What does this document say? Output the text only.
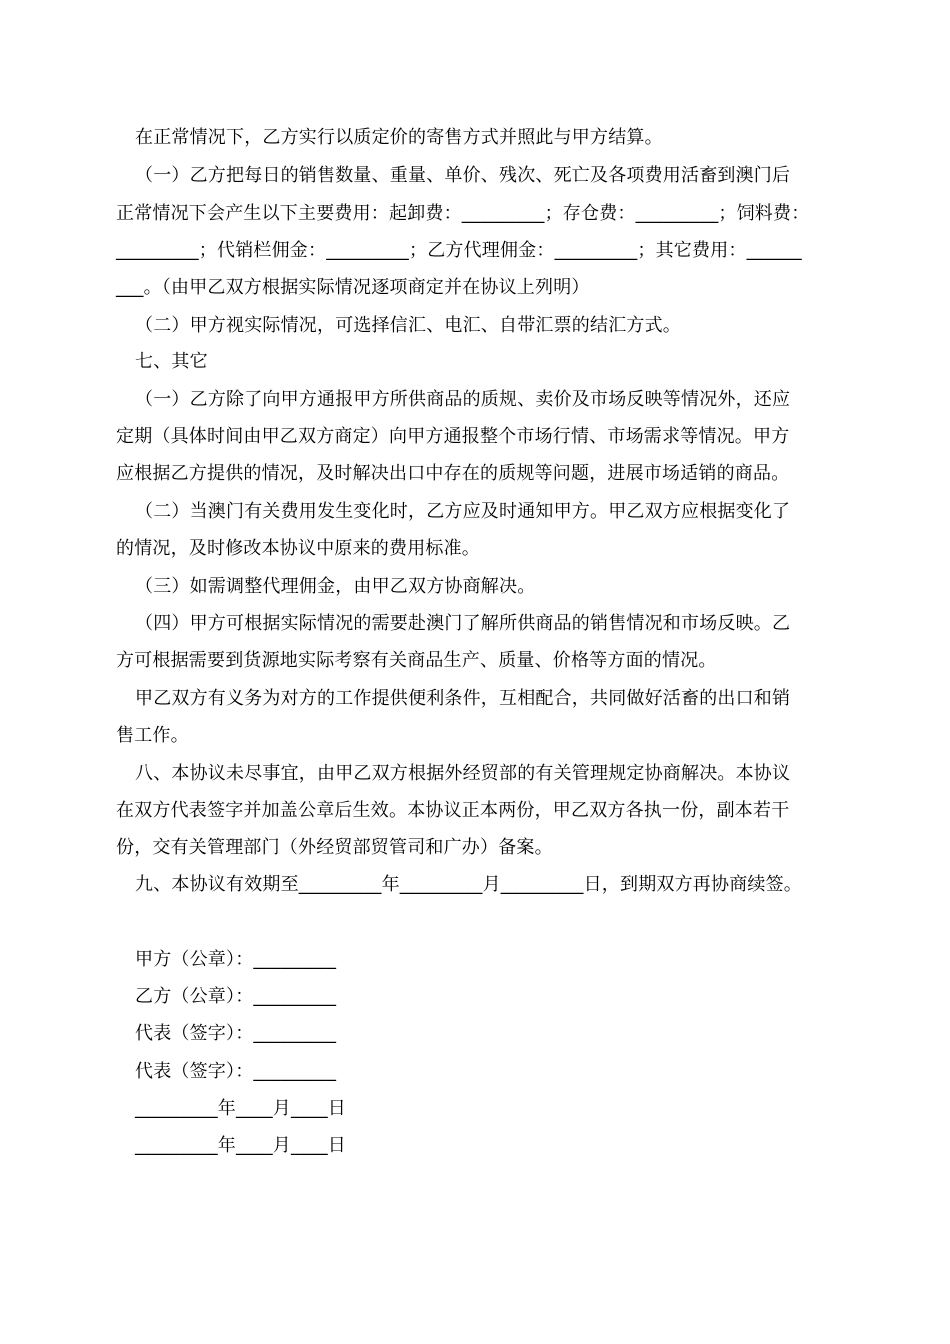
在正常情况下，乙方实行以质定价的寄售方式并照此与甲方结算。
（一）乙方把每日的销售数量、重量、单价、残次、死亡及各项费用活畜到澳门后
正常情况下会产生以下主要费用：起卸费：_________；存仓费：_________；饲料费：
_________；代销栏佣金：_________；乙方代理佣金：_________；其它费用：______
___。（由甲乙双方根据实际情况逐项商定并在协议上列明）
（二）甲方视实际情况，可选择信汇、电汇、自带汇票的结汇方式。
七、其它
（一）乙方除了向甲方通报甲方所供商品的质规、卖价及市场反映等情况外，还应
定期（具体时间由甲乙双方商定）向甲方通报整个市场行情、市场需求等情况。甲方
应根据乙方提供的情况，及时解决出口中存在的质规等问题，进展市场适销的商品。
（二）当澳门有关费用发生变化时，乙方应及时通知甲方。甲乙双方应根据变化了
的情况，及时修改本协议中原来的费用标准。
（三）如需调整代理佣金，由甲乙双方协商解决。
（四）甲方可根据实际情况的需要赴澳门了解所供商品的销售情况和市场反映。乙
方可根据需要到货源地实际考察有关商品生产、质量、价格等方面的情况。
甲乙双方有义务为对方的工作提供便利条件，互相配合，共同做好活畜的出口和销
售工作。
八、本协议未尽事宜，由甲乙双方根据外经贸部的有关管理规定协商解决。本协议
在双方代表签字并加盖公章后生效。本协议正本两份，甲乙双方各执一份，副本若干
份，交有关管理部门（外经贸部贸管司和广办）备案。
九、本协议有效期至_________年_________月_________日，到期双方再协商续签。
甲方（公章）：_________
乙方（公章）：_________
代表（签字）：_________
代表（签字）：_________
_________年____月____日
_________年____月____日
